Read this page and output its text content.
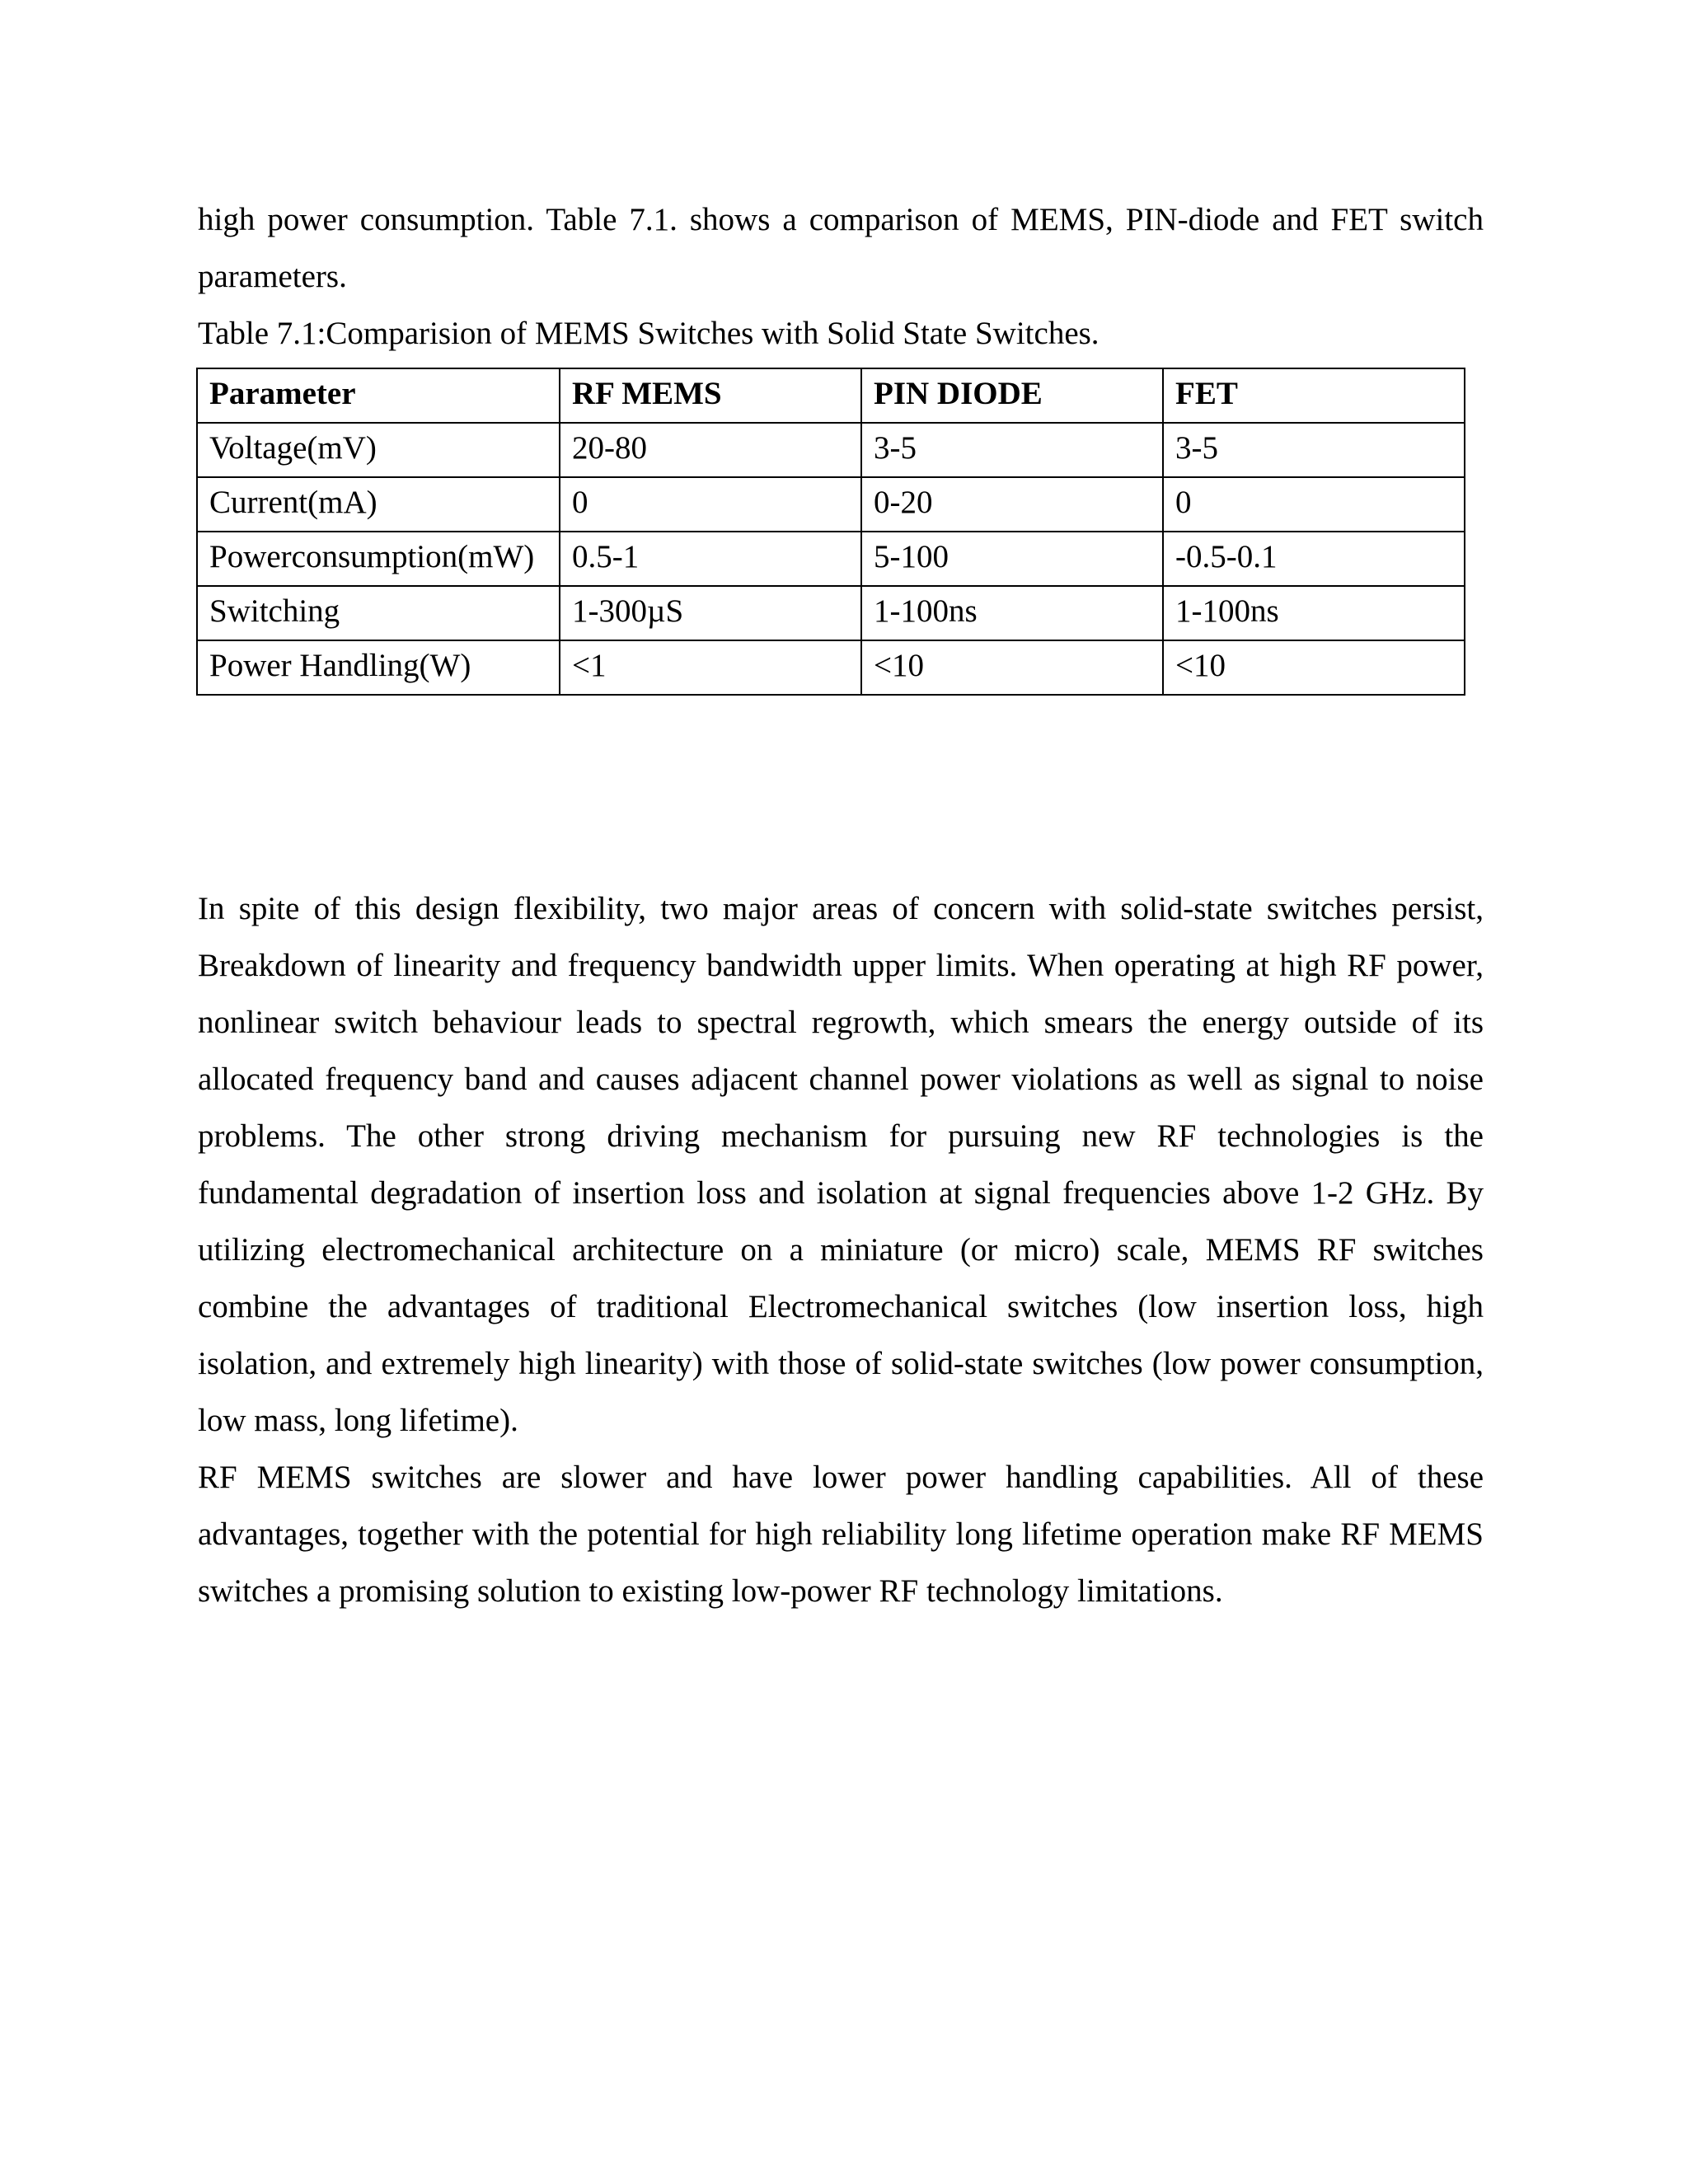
high power consumption. Table 7.1. shows a comparison of MEMS, PIN-diode and FET switch

parameters.

Table 7.1:Comparision of MEMS Switches with Solid State Switches.

Parameter	RF MEMS	PIN DIODE	FET
Voltage(mV)	20-80	3-5	3-5
Current(mA)	0	0-20	0
Powerconsumption(mW)	0.5-1	5-100	-0.5-0.1
Switching	1-300µS	1-100ns	1-100ns
Power Handling(W)	<1	<10	<10

In spite of this design flexibility, two major areas of concern with solid-state switches persist, Breakdown of linearity and frequency bandwidth upper limits. When operating at high RF power, nonlinear switch behaviour leads to spectral regrowth, which smears the energy outside of its allocated frequency band and causes adjacent channel power violations as well as signal to noise problems. The other strong driving mechanism for pursuing new RF technologies is the fundamental degradation of insertion loss and isolation at signal frequencies above 1-2 GHz. By utilizing electromechanical architecture on a miniature (or micro) scale, MEMS RF switches combine the advantages of traditional Electromechanical switches (low insertion loss, high isolation, and extremely high linearity) with those of solid-state switches (low power consumption, low mass, long lifetime).

RF MEMS switches are slower and have lower power handling capabilities. All of these advantages, together with the potential for high reliability long lifetime operation make RF MEMS switches a promising solution to existing low-power RF technology limitations.
